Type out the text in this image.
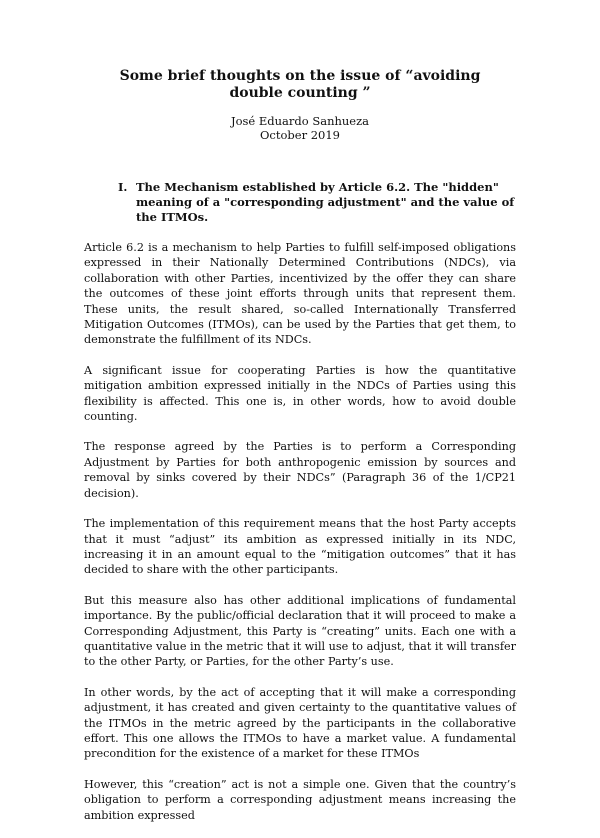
Some brief thoughts on the issue of “avoiding double counting ”
José Eduardo Sanhueza
October 2019
I. The Mechanism established by Article 6.2. The "hidden" meaning of a "corresponding adjustment" and the value of the ITMOs.

Article 6.2 is a mechanism to help Parties to fulfill self-imposed obligations expressed in their Nationally Determined Contributions (NDCs), via collaboration with other Parties, incentivized by the offer they can share the outcomes of these joint efforts through units that represent them. These units, the result shared, so-called Internationally Transferred Mitigation Outcomes (ITMOs), can be used by the Parties that get them, to demonstrate the fulfillment of its NDCs.

A significant issue for cooperating Parties is how the quantitative mitigation ambition expressed initially in the NDCs of Parties using this flexibility is affected. This one is, in other words, how to avoid double counting.

The response agreed by the Parties is to perform a Corresponding Adjustment by Parties for both anthropogenic emission by sources and removal by sinks covered by their NDCs” (Paragraph 36 of the 1/CP21 decision).

The implementation of this requirement means that the host Party accepts that it must “adjust” its ambition as expressed initially in its NDC, increasing it in an amount equal to the “mitigation outcomes” that it has decided to share with the other participants.

But this measure also has other additional implications of fundamental importance. By the public/official declaration that it will proceed to make a Corresponding Adjustment, this Party is “creating” units. Each one with a quantitative value in the metric that it will use to adjust, that it will transfer to the other Party, or Parties, for the other Party’s use.

In other words, by the act of accepting that it will make a corresponding adjustment, it has created and given certainty to the quantitative values of the ITMOs in the metric agreed by the participants in the collaborative effort. This one allows the ITMOs to have a market value. A fundamental precondition for the existence of a market for these ITMOs

However, this “creation” act is not a simple one. Given that the country’s obligation to perform a corresponding adjustment means increasing the ambition expressed
